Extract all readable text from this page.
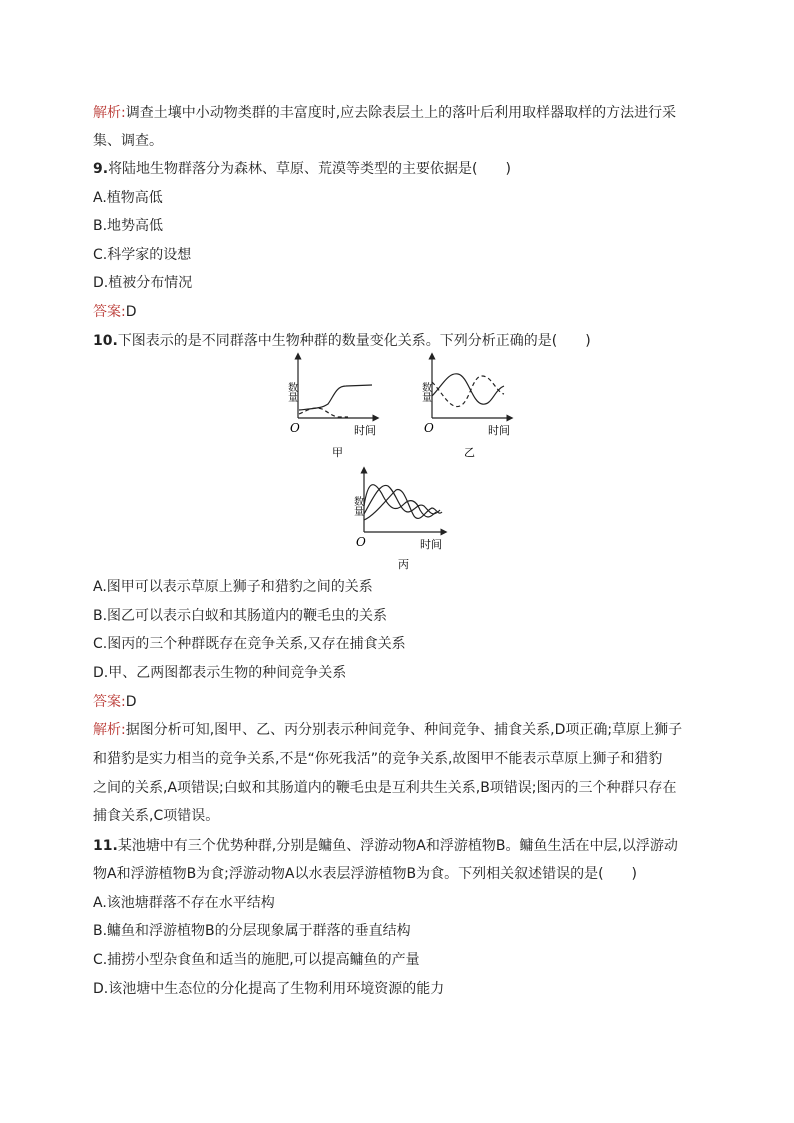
解析:调查土壤中小动物类群的丰富度时,应去除表层土上的落叶后利用取样器取样的方法进行采
集、调查。
9.将陆地生物群落分为森林、草原、荒漠等类型的主要依据是(　　)
A.植物高低
B.地势高低
C.科学家的设想
D.植被分布情况
答案:D
10.下图表示的是不同群落中生物种群的数量变化关系。下列分析正确的是(　　)
数量
O	时间
甲
数量
O	时间
乙
数量
O	时间
丙
A.图甲可以表示草原上狮子和猎豹之间的关系
B.图乙可以表示白蚁和其肠道内的鞭毛虫的关系
C.图丙的三个种群既存在竞争关系,又存在捕食关系
D.甲、乙两图都表示生物的种间竞争关系
答案:D
解析:据图分析可知,图甲、乙、丙分别表示种间竞争、种间竞争、捕食关系,D项正确;草原上狮子
和猎豹是实力相当的竞争关系,不是“你死我活”的竞争关系,故图甲不能表示草原上狮子和猎豹
之间的关系,A项错误;白蚁和其肠道内的鞭毛虫是互利共生关系,B项错误;图丙的三个种群只存在
捕食关系,C项错误。
11.某池塘中有三个优势种群,分别是鳙鱼、浮游动物A和浮游植物B。鳙鱼生活在中层,以浮游动
物A和浮游植物B为食;浮游动物A以水表层浮游植物B为食。下列相关叙述错误的是(　　)
A.该池塘群落不存在水平结构
B.鳙鱼和浮游植物B的分层现象属于群落的垂直结构
C.捕捞小型杂食鱼和适当的施肥,可以提高鳙鱼的产量
D.该池塘中生态位的分化提高了生物利用环境资源的能力
